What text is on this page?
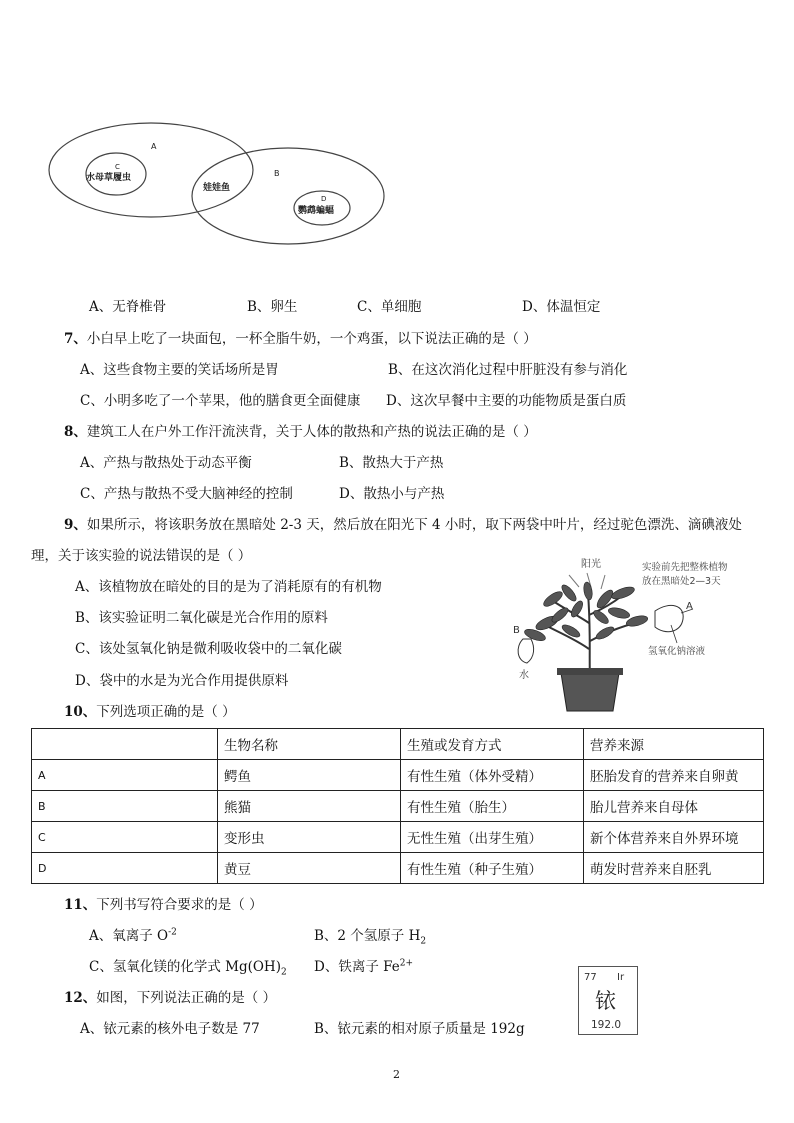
A
B
C
D
水母草履虫
娃娃鱼
鹦鹉蝙蝠
A、无脊椎骨	B、卵生	C、单细胞	D、体温恒定
7、小白早上吃了一块面包，一杯全脂牛奶，一个鸡蛋，以下说法正确的是（ ）
A、这些食物主要的笑话场所是胃	B、在这次消化过程中肝脏没有参与消化
C、小明多吃了一个苹果，他的膳食更全面健康 D、这次早餐中主要的功能物质是蛋白质
8、建筑工人在户外工作汗流浃背，关于人体的散热和产热的说法正确的是（ ）
A、产热与散热处于动态平衡	B、散热大于产热
C、产热与散热不受大脑神经的控制	D、散热小与产热
9、如果所示，将该职务放在黑暗处 2-3 天，然后放在阳光下 4 小时，取下两袋中叶片，经过驼色漂洗、滴碘液处
理，关于该实验的说法错误的是（ ）
A、该植物放在暗处的目的是为了消耗原有的有机物
B、该实验证明二氧化碳是光合作用的原料
C、该处氢氧化钠是微利吸收袋中的二氧化碳
D、袋中的水是为光合作用提供原料
阳光	实验前先把整株植物
放在黑暗处2—3天
A
氢氧化钠溶液
B
水
10、下列选项正确的是（ ）
	生物名称	生殖或发育方式	营养来源
A	鳄鱼	有性生殖（体外受精）	胚胎发育的营养来自卵黄
B	熊猫	有性生殖（胎生）	胎儿营养来自母体
C	变形虫	无性生殖（出芽生殖）	新个体营养来自外界环境
D	黄豆	有性生殖（种子生殖）	萌发时营养来自胚乳
11、下列书写符合要求的是（ ）
A、氧离子 $O^{-2}$	B、2 个氢原子 $H_2$
C、氢氧化镁的化学式 $Mg(OH)_2$ D、铁离子 $Fe^{2+}$
12、如图，下列说法正确的是（ ）
A、铱元素的核外电子数是 77	B、铱元素的相对原子质量是 192g
77 Ir
铱
192.0
2
